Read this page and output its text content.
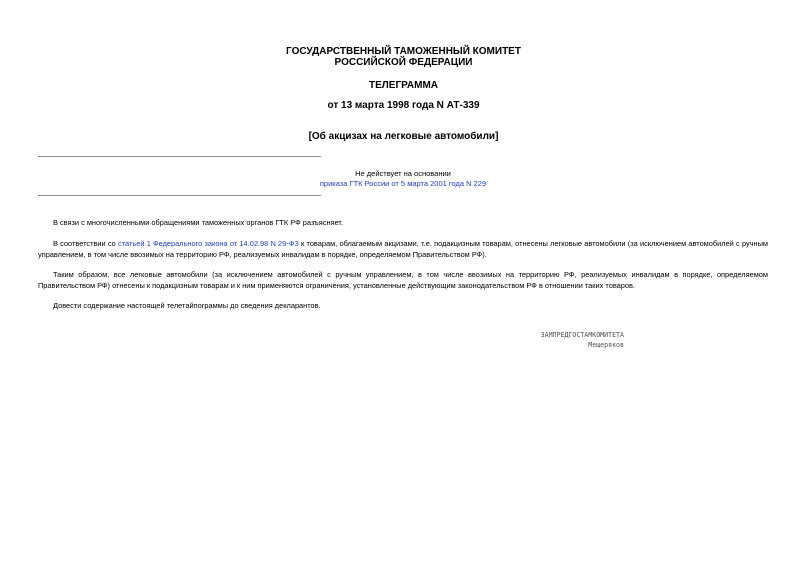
ГОСУДАРСТВЕННЫЙ ТАМОЖЕННЫЙ КОМИТЕТ
РОССИЙСКОЙ ФЕДЕРАЦИИ
ТЕЛЕГРАММА
от 13 марта 1998 года N АТ-339
[Об акцизах на легковые автомобили]
Не действует на основании
приказа ГТК России от 5 марта 2001 года N 229
В связи с многочисленными обращениями таможенных органов ГТК РФ разъясняет.
В соответствии со статьей 1 Федерального закона от 14.02.98 N 29-ФЗ к товарам, облагаемым акцизами, т.е. подакцизным товарам, отнесены легковые автомобили (за исключением автомобилей с ручным управлением, в том числе ввозимых на территорию РФ, реализуемых инвалидам в порядке, определяемом Правительством РФ).
Таким образом, все легковые автомобили (за исключением автомобилей с ручным управлением, в том числе ввозимых на территорию РФ, реализуемых инвалидам в порядке, определяемом Правительством РФ) отнесены к подакцизным товарам и к ним применяются ограничения, установленные действующим законодательством РФ в отношении таких товаров.
Довести содержание настоящей телетайпограммы до сведения декларантов.
ЗАМПРЕДГОСТАМКОМИТЕТА
Мещеряков
